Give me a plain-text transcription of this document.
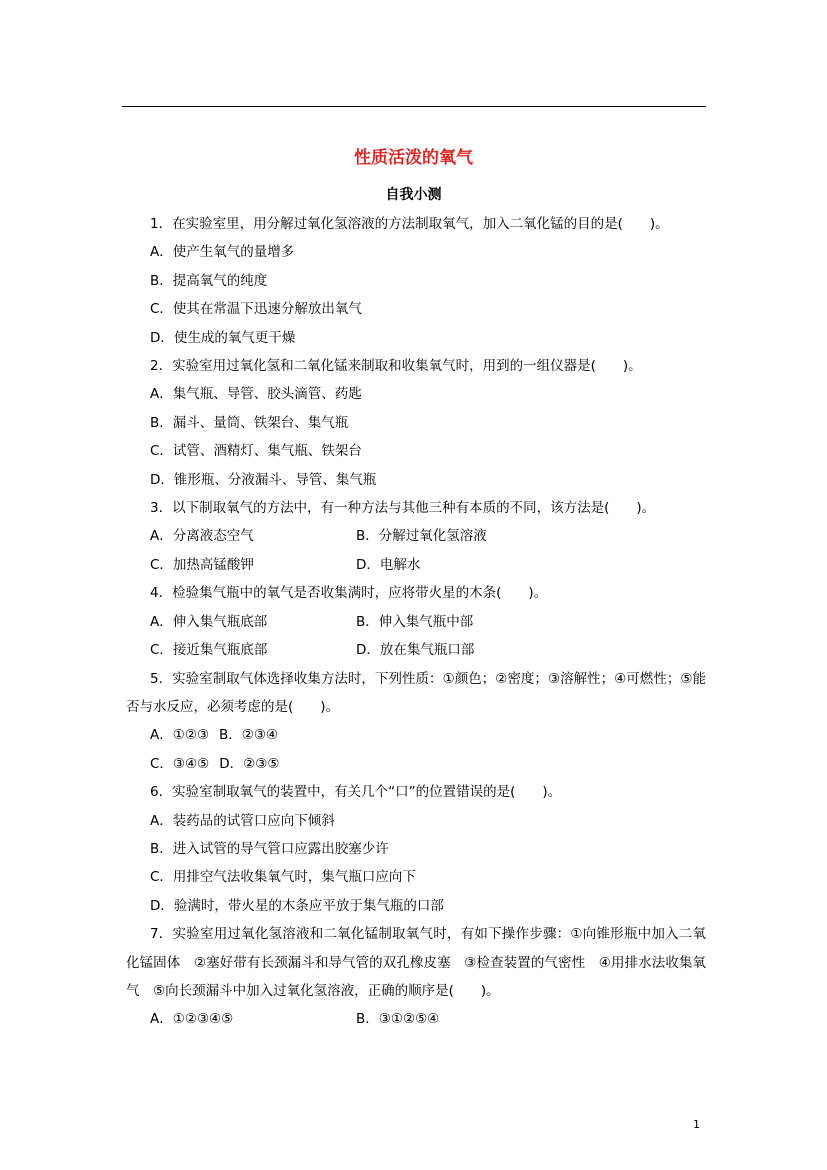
性质活泼的氧气
自我小测

1．在实验室里，用分解过氧化氢溶液的方法制取氧气，加入二氧化锰的目的是(　　)。

A．使产生氧气的量增多

B．提高氧气的纯度

C．使其在常温下迅速分解放出氧气

D．使生成的氧气更干燥

2．实验室用过氧化氢和二氧化锰来制取和收集氧气时，用到的一组仪器是(　　)。

A．集气瓶、导管、胶头滴管、药匙

B．漏斗、量筒、铁架台、集气瓶

C．试管、酒精灯、集气瓶、铁架台

D．锥形瓶、分液漏斗、导管、集气瓶

3．以下制取氧气的方法中，有一种方法与其他三种有本质的不同，该方法是(　　)。

A．分离液态空气	B．分解过氧化氢溶液
C．加热高锰酸钾	D．电解水

4．检验集气瓶中的氧气是否收集满时，应将带火星的木条(　　)。

A．伸入集气瓶底部	B．伸入集气瓶中部
C．接近集气瓶底部	D．放在集气瓶口部

5．实验室制取气体选择收集方法时，下列性质：①颜色；②密度；③溶解性；④可燃性；⑤能否与水反应，必须考虑的是(　　)。

A．①②③ B．②③④
C．③④⑤ D．②③⑤

6．实验室制取氧气的装置中，有关几个“口”的位置错误的是(　　)。

A．装药品的试管口应向下倾斜

B．进入试管的导气管口应露出胶塞少许

C．用排空气法收集氧气时，集气瓶口应向下

D．验满时，带火星的木条应平放于集气瓶的口部

7．实验室用过氧化氢溶液和二氧化锰制取氧气时，有如下操作步骤：①向锥形瓶中加入二氧化锰固体　②塞好带有长颈漏斗和导气管的双孔橡皮塞　③检查装置的气密性　④用排水法收集氧气　⑤向长颈漏斗中加入过氧化氢溶液，正确的顺序是(　　)。

A．①②③④⑤	B．③①②⑤④
1
